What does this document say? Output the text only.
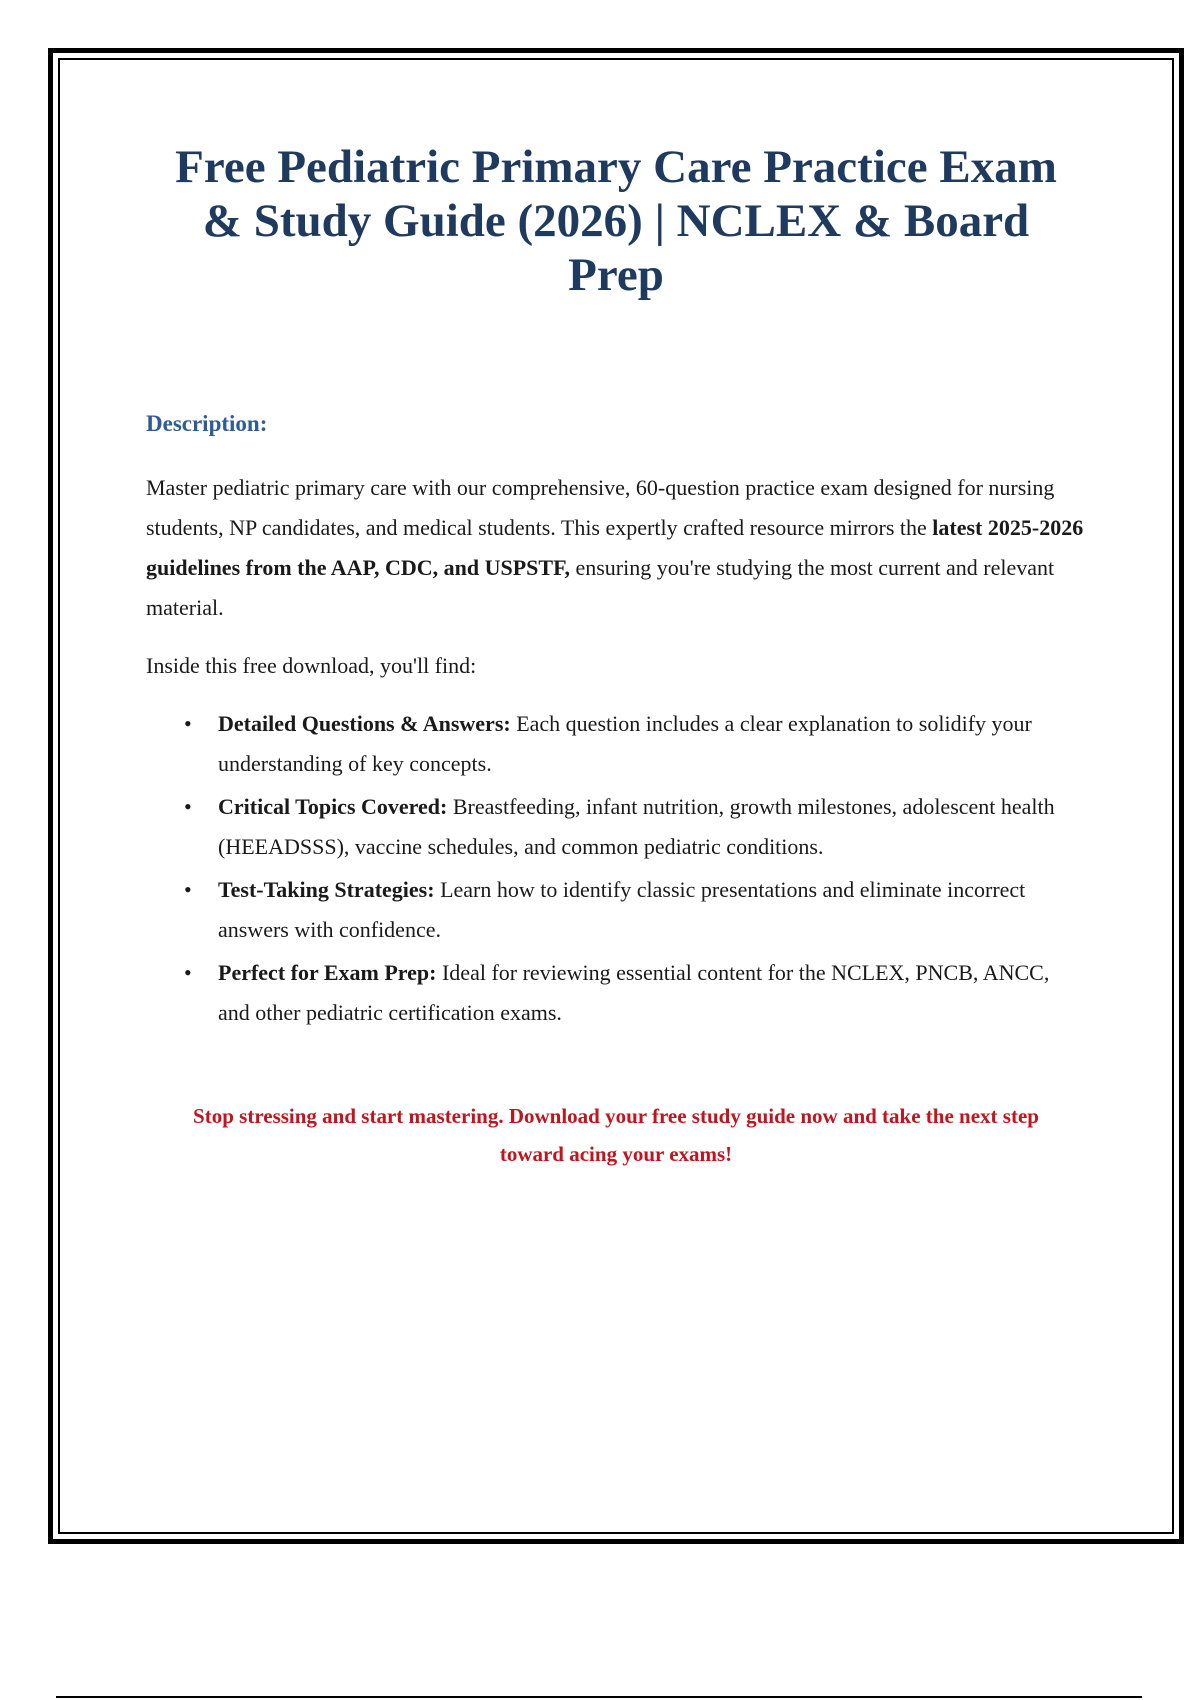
Free Pediatric Primary Care Practice Exam & Study Guide (2026) | NCLEX & Board Prep
Description:

Master pediatric primary care with our comprehensive, 60-question practice exam designed for nursing students, NP candidates, and medical students. This expertly crafted resource mirrors the latest 2025-2026 guidelines from the AAP, CDC, and USPSTF, ensuring you're studying the most current and relevant material.

Inside this free download, you'll find:

• Detailed Questions & Answers: Each question includes a clear explanation to solidify your understanding of key concepts.
• Critical Topics Covered: Breastfeeding, infant nutrition, growth milestones, adolescent health (HEEADSSS), vaccine schedules, and common pediatric conditions.
• Test-Taking Strategies: Learn how to identify classic presentations and eliminate incorrect answers with confidence.
• Perfect for Exam Prep: Ideal for reviewing essential content for the NCLEX, PNCB, ANCC, and other pediatric certification exams.

Stop stressing and start mastering. Download your free study guide now and take the next step toward acing your exams!
